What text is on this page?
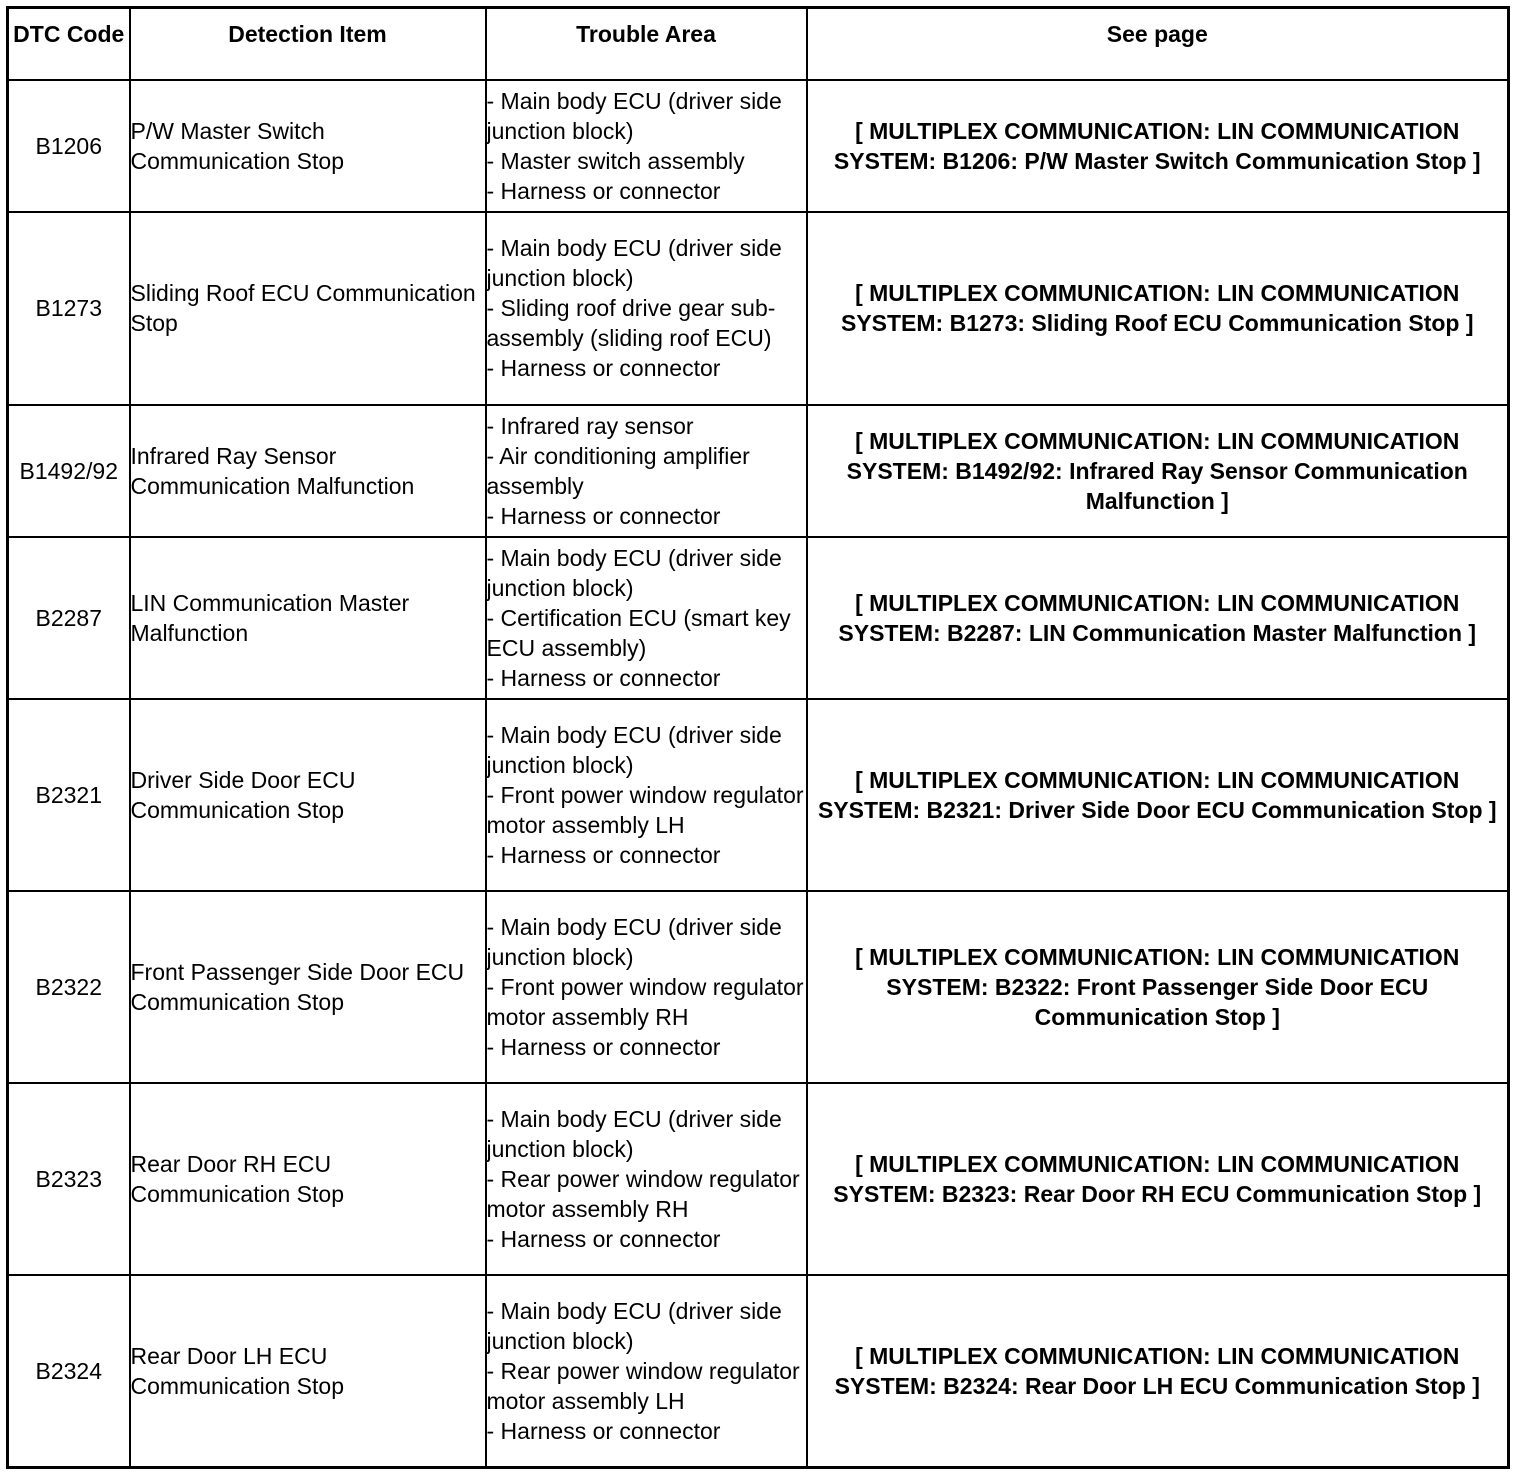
DTC Code	Detection Item	Trouble Area	See page
B1206	P/W Master Switch Communication Stop	- Main body ECU (driver side junction block)
- Master switch assembly
- Harness or connector	[ MULTIPLEX COMMUNICATION: LIN COMMUNICATION SYSTEM: B1206: P/W Master Switch Communication Stop ]
B1273	Sliding Roof ECU Communication Stop	- Main body ECU (driver side junction block)
- Sliding roof drive gear sub-assembly (sliding roof ECU)
- Harness or connector	[ MULTIPLEX COMMUNICATION: LIN COMMUNICATION SYSTEM: B1273: Sliding Roof ECU Communication Stop ]
B1492/92	Infrared Ray Sensor Communication Malfunction	- Infrared ray sensor
- Air conditioning amplifier assembly
- Harness or connector	[ MULTIPLEX COMMUNICATION: LIN COMMUNICATION SYSTEM: B1492/92: Infrared Ray Sensor Communication Malfunction ]
B2287	LIN Communication Master Malfunction	- Main body ECU (driver side junction block)
- Certification ECU (smart key ECU assembly)
- Harness or connector	[ MULTIPLEX COMMUNICATION: LIN COMMUNICATION SYSTEM: B2287: LIN Communication Master Malfunction ]
B2321	Driver Side Door ECU Communication Stop	- Main body ECU (driver side junction block)
- Front power window regulator motor assembly LH
- Harness or connector	[ MULTIPLEX COMMUNICATION: LIN COMMUNICATION SYSTEM: B2321: Driver Side Door ECU Communication Stop ]
B2322	Front Passenger Side Door ECU Communication Stop	- Main body ECU (driver side junction block)
- Front power window regulator motor assembly RH
- Harness or connector	[ MULTIPLEX COMMUNICATION: LIN COMMUNICATION SYSTEM: B2322: Front Passenger Side Door ECU Communication Stop ]
B2323	Rear Door RH ECU Communication Stop	- Main body ECU (driver side junction block)
- Rear power window regulator motor assembly RH
- Harness or connector	[ MULTIPLEX COMMUNICATION: LIN COMMUNICATION SYSTEM: B2323: Rear Door RH ECU Communication Stop ]
B2324	Rear Door LH ECU Communication Stop	- Main body ECU (driver side junction block)
- Rear power window regulator motor assembly LH
- Harness or connector	[ MULTIPLEX COMMUNICATION: LIN COMMUNICATION SYSTEM: B2324: Rear Door LH ECU Communication Stop ]
